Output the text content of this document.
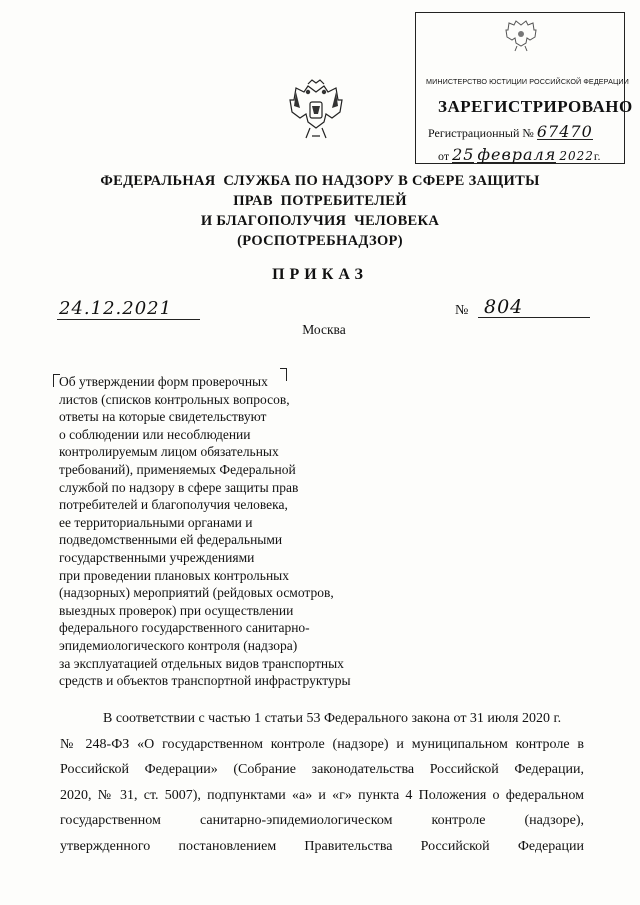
МИНИСТЕРСТВО ЮСТИЦИИ РОССИЙСКОЙ ФЕДЕРАЦИИ
ЗАРЕГИСТРИРОВАНО
Регистрационный № 67470
от 25 февраля 2022г.
ФЕДЕРАЛЬНАЯ  СЛУЖБА ПО НАДЗОРУ В СФЕРЕ ЗАЩИТЫ
ПРАВ  ПОТРЕБИТЕЛЕЙ
И БЛАГОПОЛУЧИЯ  ЧЕЛОВЕКА
(РОСПОТРЕБНАДЗОР)
ПРИКАЗ
24.12.2021	№ 804
Москва
Об утверждении форм проверочных
листов (списков контрольных вопросов,
ответы на которые свидетельствуют
о соблюдении или несоблюдении
контролируемым лицом обязательных
требований), применяемых Федеральной
службой по надзору в сфере защиты прав
потребителей и благополучия человека,
ее территориальными органами и
подведомственными ей федеральными
государственными учреждениями
при проведении плановых контрольных
(надзорных) мероприятий (рейдовых осмотров,
выездных проверок) при осуществлении
федерального государственного санитарно-
эпидемиологического контроля (надзора)
за эксплуатацией отдельных видов транспортных
средств и объектов транспортной инфраструктуры
В соответствии с частью 1 статьи 53 Федерального закона от 31 июля 2020 г.
№ 248-ФЗ «О государственном контроле (надзоре) и муниципальном контроле в
Российской Федерации» (Собрание законодательства Российской Федерации,
2020, № 31, ст. 5007), подпунктами «а» и «г» пункта 4 Положения о федеральном
государственном санитарно-эпидемиологическом контроле (надзоре),
утвержденного постановлением Правительства Российской Федерации
